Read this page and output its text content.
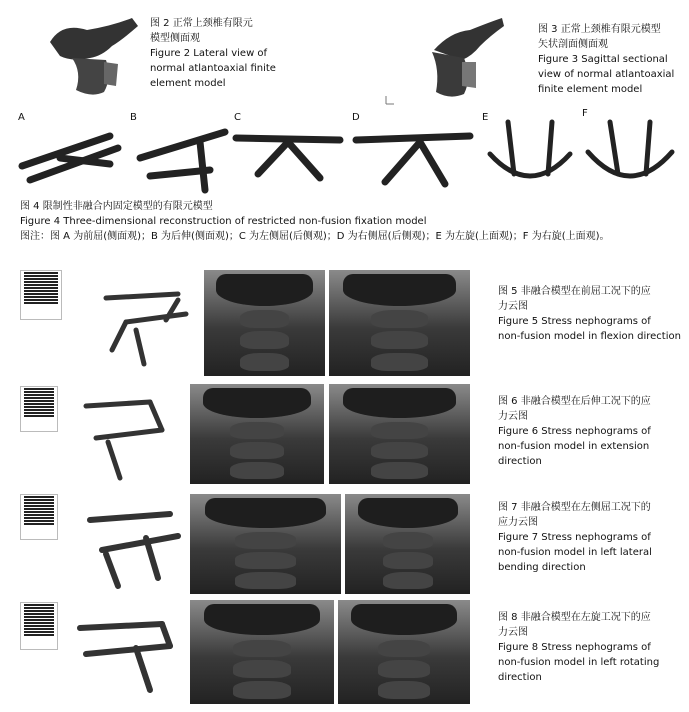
图 2 正常上颈椎有限元
模型侧面观
Figure 2 Lateral view of
normal atlantoaxial finite
element model
图 3 正常上颈椎有限元模型
矢状剖面侧面观
Figure 3 Sagittal sectional
view of normal atlantoaxial
finite element model
A	B	C	D	E	F
图 4 限制性非融合内固定模型的有限元模型
Figure 4 Three-dimensional reconstruction of restricted non-fusion fixation model
图注：图 A 为前屈(侧面观)；B 为后伸(侧面观)；C 为左侧屈(后侧观)；D 为右侧屈(后侧观)；E 为左旋(上面观)；F 为右旋(上面观)。
图 5 非融合模型在前屈工况下的应
力云图
Figure 5 Stress nephograms of
non-fusion model in flexion direction
图 6 非融合模型在后伸工况下的应
力云图
Figure 6 Stress nephograms of
non-fusion model in extension
direction
图 7 非融合模型在左侧屈工况下的
应力云图
Figure 7 Stress nephograms of
non-fusion model in left lateral
bending direction
图 8 非融合模型在左旋工况下的应
力云图
Figure 8 Stress nephograms of
non-fusion model in left rotating
direction
